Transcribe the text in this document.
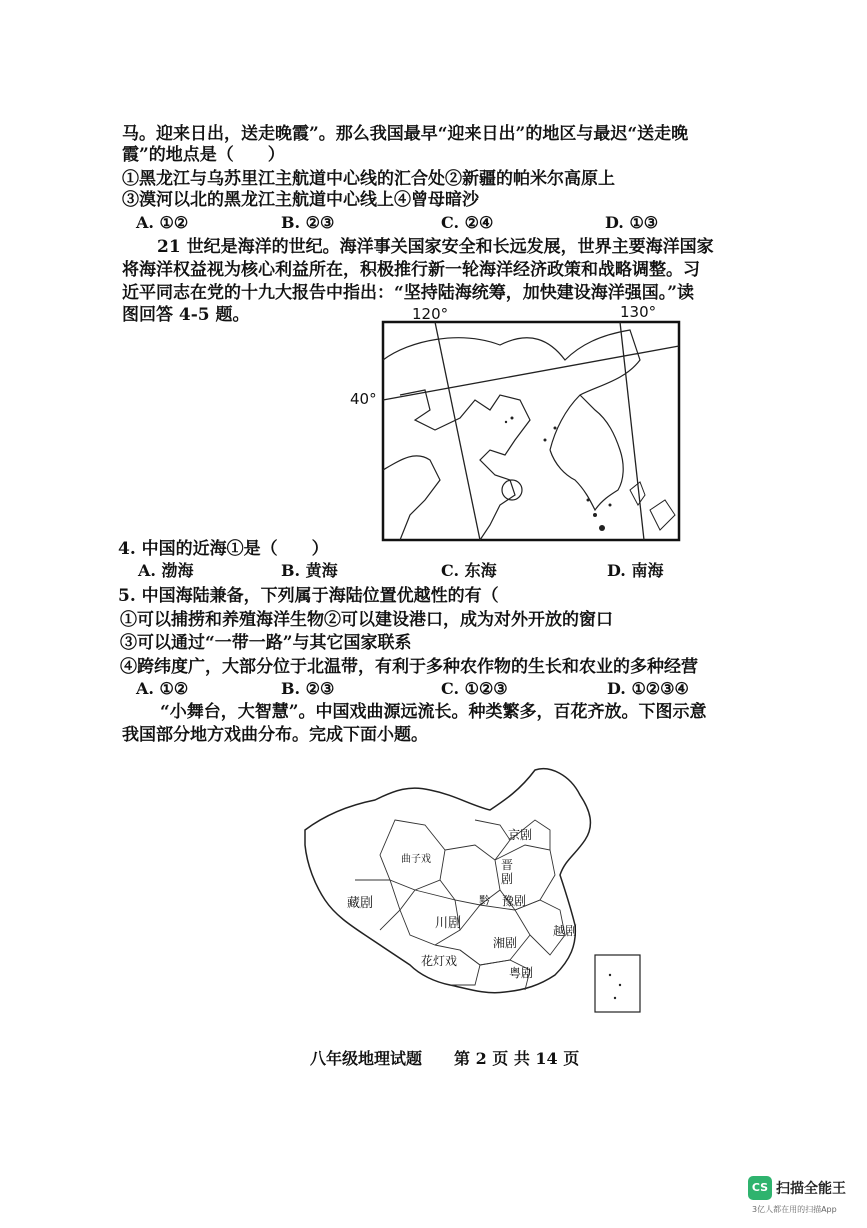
马。迎来日出，送走晚霞”。那么我国最早“迎来日出”的地区与最迟“送走晚
霞”的地点是（　　）
①黑龙江与乌苏里江主航道中心线的汇合处②新疆的帕米尔高原上
③漠河以北的黑龙江主航道中心线上④曾母暗沙
A. ①②	B. ②③	C. ②④	D. ①③
21 世纪是海洋的世纪。海洋事关国家安全和长远发展，世界主要海洋国家
将海洋权益视为核心利益所在，积极推行新一轮海洋经济政策和战略调整。习
近平同志在党的十九大报告中指出：“坚持陆海统筹，加快建设海洋强国。”读
图回答 4-5 题。	120°	130°
40°
4. 中国的近海①是（　　）
A. 渤海	B. 黄海	C. 东海	D. 南海
5. 中国海陆兼备，下列属于海陆位置优越性的有（
①可以捕捞和养殖海洋生物②可以建设港口，成为对外开放的窗口
③可以通过“一带一路”与其它国家联系
④跨纬度广，大部分位于北温带，有利于多种农作物的生长和农业的多种经营
A. ①②	B. ②③	C. ①②③	D. ①②③④
“小舞台，大智慧”。中国戏曲源远流长。种类繁多，百花齐放。下图示意
我国部分地方戏曲分布。完成下面小题。
京剧
曲子戏	晋剧
豫剧
藏剧
川剧	越剧
湘剧
花灯戏
粤剧
黔
八年级地理试题　　第 2 页 共 14 页
CS 扫描全能王
3亿人都在用的扫描App
